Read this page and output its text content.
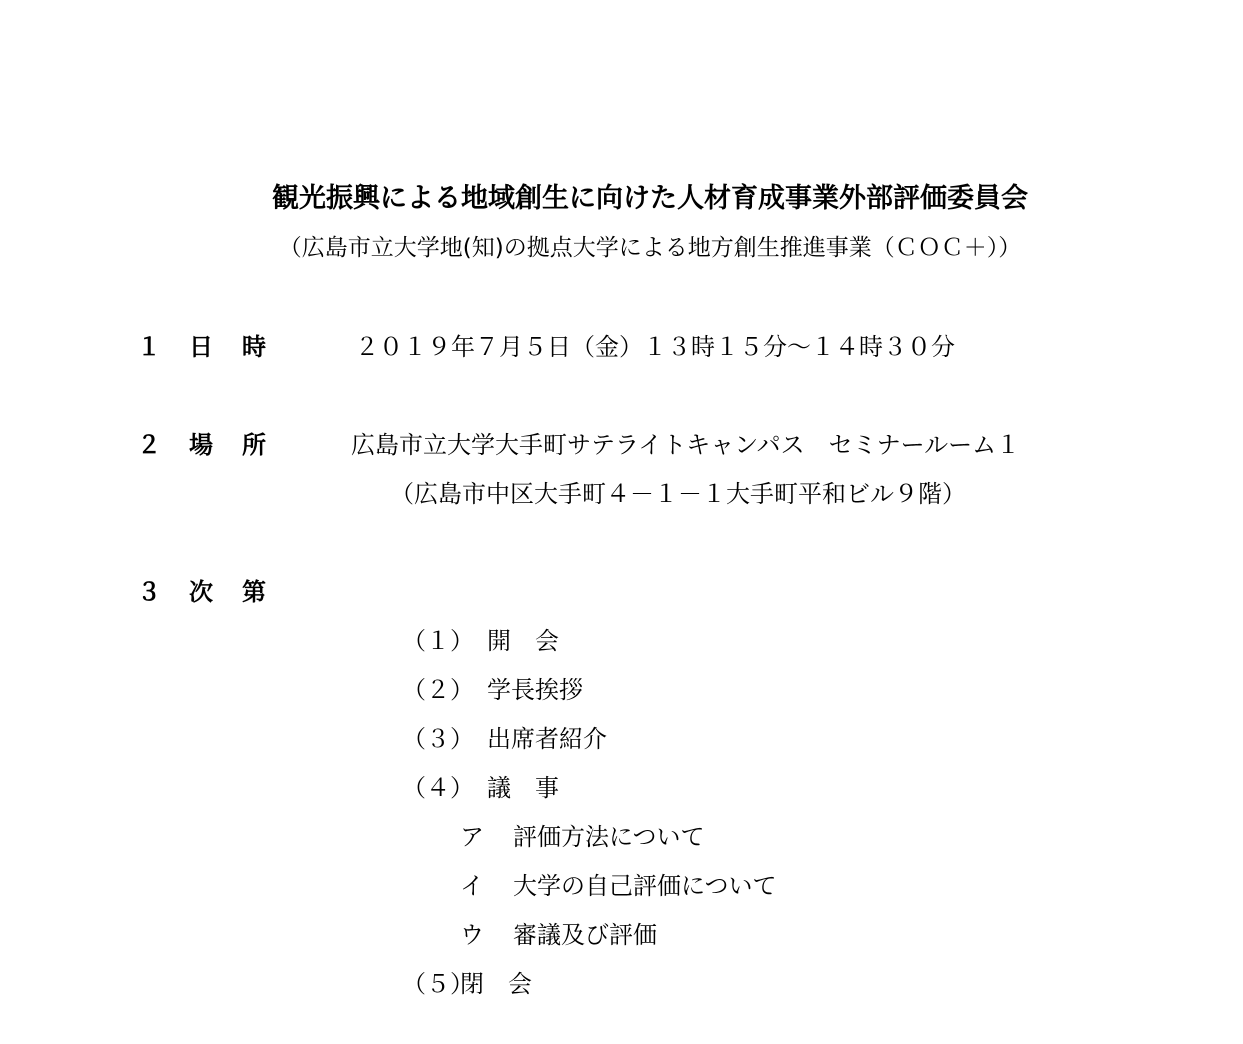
観光振興による地域創生に向けた人材育成事業外部評価委員会
（広島市立大学地(知)の拠点大学による地方創生推進事業（ＣＯＣ＋））
１ 日 時	２０１９年７月５日（金）１３時１５分～１４時３０分
２ 場 所	広島市立大学大手町サテライトキャンパス　セミナールーム１
（広島市中区大手町４－１－１大手町平和ビル９階）
３ 次 第
（１） 開　会
（２） 学長挨拶
（３） 出席者紹介
（４） 議　事
ア 評価方法について
イ 大学の自己評価について
ウ 審議及び評価
（５）
閉　会
